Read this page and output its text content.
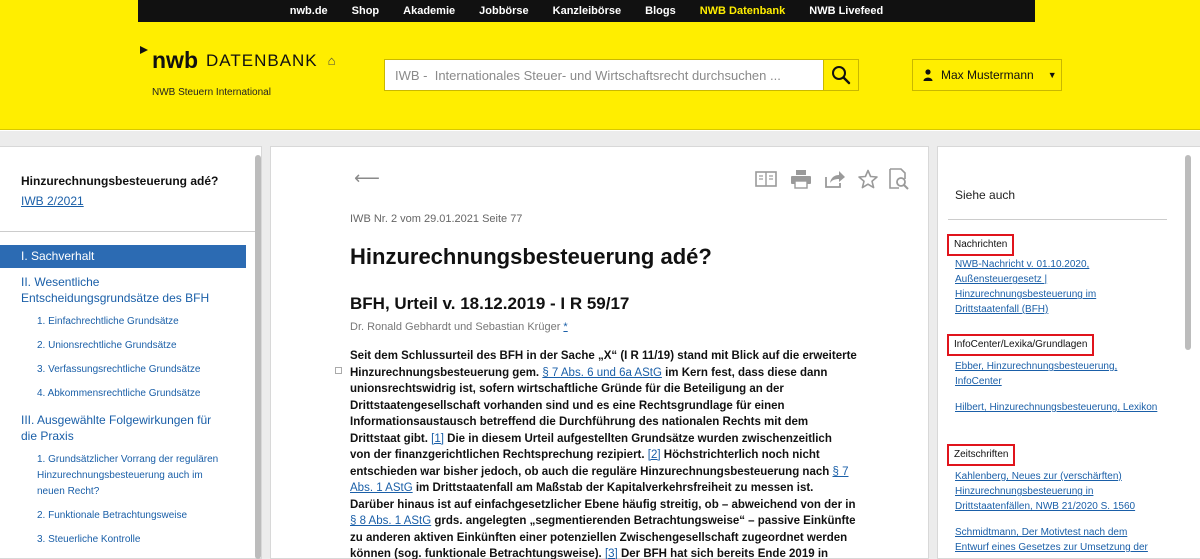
nwb.de	Shop	Akademie	Jobbörse	Kanzleibörse	Blogs	NWB Datenbank	NWB Livefeed
nwb DATENBANK ⌂
NWB Steuern International
IWB - Internationales Steuer- und Wirtschaftsrecht durchsuchen ...
Max Mustermann ▼
Hinzurechnungsbesteuerung adé?
IWB 2/2021
I. Sachverhalt
II. Wesentliche
Entscheidungsgrundsätze des BFH
1. Einfachrechtliche Grundsätze
2. Unionsrechtliche Grundsätze
3. Verfassungsrechtliche Grundsätze
4. Abkommensrechtliche Grundsätze
III. Ausgewählte Folgewirkungen für
die Praxis
1. Grundsätzlicher Vorrang der regulären
Hinzurechnungsbesteuerung auch im
neuen Recht?
2. Funktionale Betrachtungsweise
3. Steuerliche Kontrolle
⟵
IWB Nr. 2 vom 29.01.2021 Seite 77
Hinzurechnungsbesteuerung adé?
BFH, Urteil v. 18.12.2019 - I R 59/17
Dr. Ronald Gebhardt und Sebastian Krüger *
Seit dem Schlussurteil des BFH in der Sache „X“ (I R 11/19) stand mit Blick auf die erweiterte
Hinzurechnungsbesteuerung gem. § 7 Abs. 6 und 6a AStG im Kern fest, dass diese dann
unionsrechtswidrig ist, sofern wirtschaftliche Gründe für die Beteiligung an der
Drittstaatengesellschaft vorhanden sind und es eine Rechtsgrundlage für einen
Informationsaustausch betreffend die Durchführung des nationalen Rechts mit dem
Drittstaat gibt. [1] Die in diesem Urteil aufgestellten Grundsätze wurden zwischenzeitlich
von der finanzgerichtlichen Rechtsprechung rezipiert. [2] Höchstrichterlich noch nicht
entschieden war bisher jedoch, ob auch die reguläre Hinzurechnungsbesteuerung nach § 7
Abs. 1 AStG im Drittstaatenfall am Maßstab der Kapitalverkehrsfreiheit zu messen ist.
Darüber hinaus ist auf einfachgesetzlicher Ebene häufig streitig, ob – abweichend von der in
§ 8 Abs. 1 AStG grds. angelegten „segmentierenden Betrachtungsweise“ – passive Einkünfte
zu anderen aktiven Einkünften einer potenziellen Zwischengesellschaft zugeordnet werden
können (sog. funktionale Betrachtungsweise). [3] Der BFH hat sich bereits Ende 2019 in
Siehe auch
Nachrichten
NWB-Nachricht v. 01.10.2020, Außensteuergesetz | Hinzurechnungsbesteuerung im Drittstaatenfall (BFH)
InfoCenter/Lexika/Grundlagen
Ebber, Hinzurechnungsbesteuerung, InfoCenter
Hilbert, Hinzurechnungsbesteuerung, Lexikon
Zeitschriften
Kahlenberg, Neues zur (verschärften) Hinzurechnungsbesteuerung in Drittstaatenfällen, NWB 21/2020 S. 1560
Schmidtmann, Der Motivtest nach dem Entwurf eines Gesetzes zur Umsetzung der
